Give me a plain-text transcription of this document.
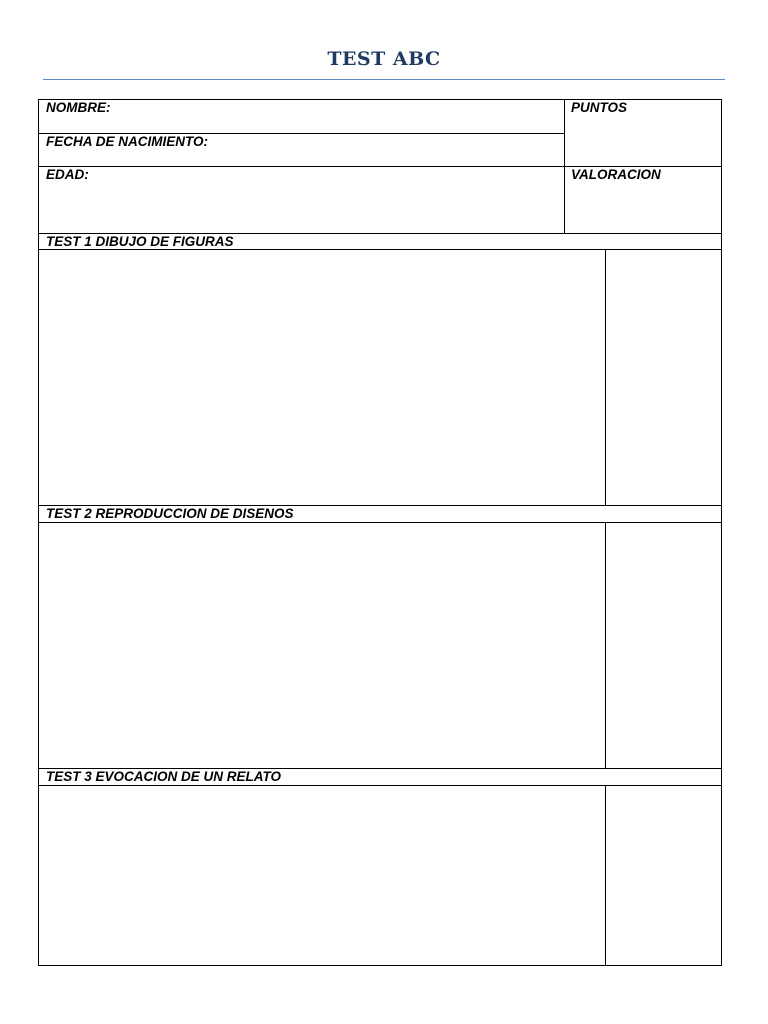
TEST ABC
NOMBRE:	PUNTOS
FECHA DE NACIMIENTO:
EDAD:	VALORACION
TEST 1 DIBUJO DE FIGURAS
TEST 2 REPRODUCCION DE DISENOS
TEST 3 EVOCACION DE UN RELATO
